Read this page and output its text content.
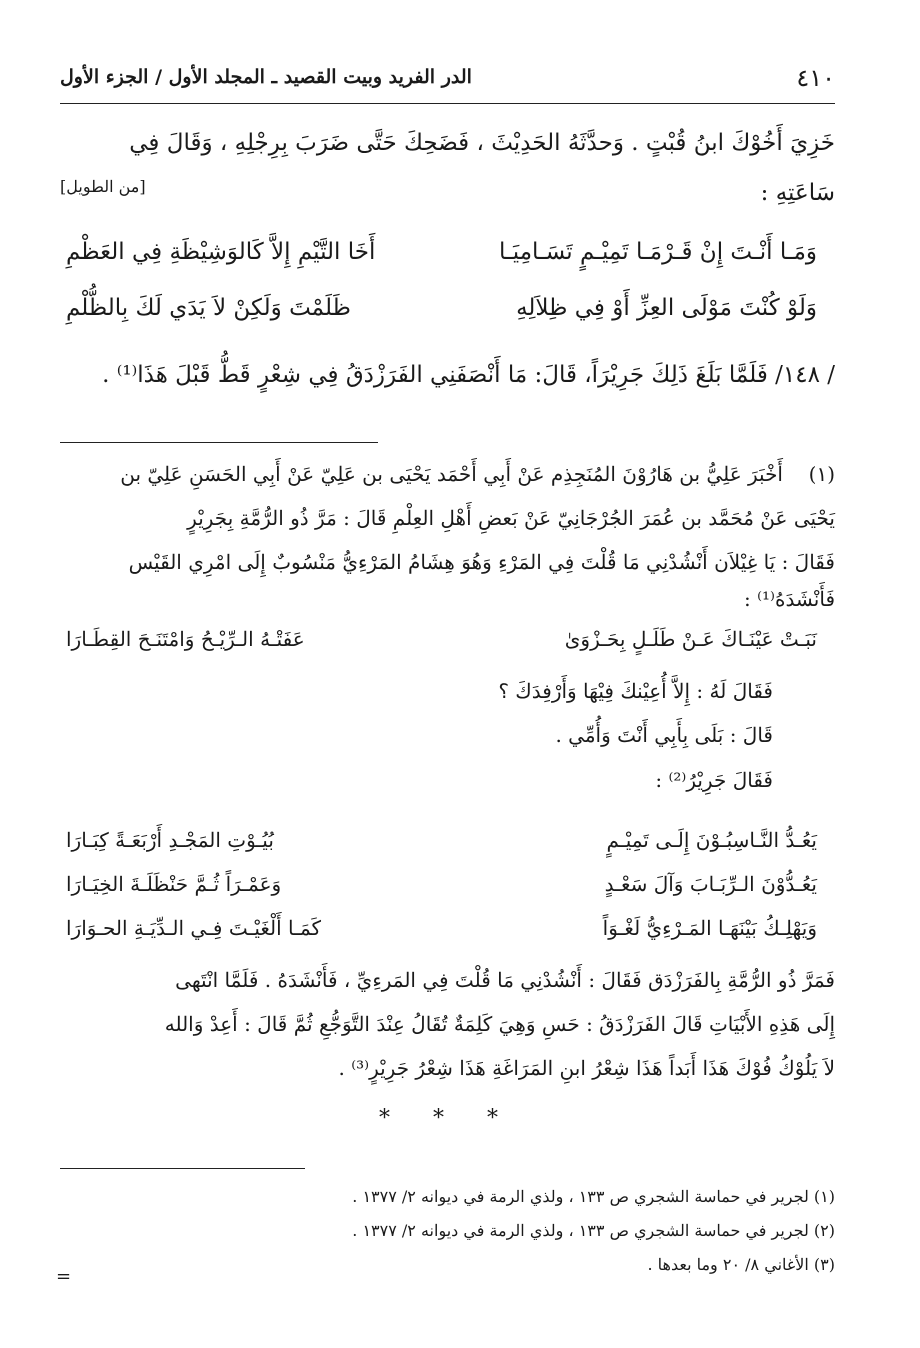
٤١٠
الدر الفريد وبيت القصيد ـ المجلد الأول / الجزء الأول

خَزِيَ أَخُوْكَ ابنُ قُبْتٍ . وَحدَّثَهُ الحَدِيْثَ ، فَضَحِكَ حَتَّى ضَرَبَ بِرِجْلِهِ ، وَقَالَ فِي

سَاعَتِهِ :
[من الطويل]

وَمَـا أَنْـتَ إِنْ قَـرْمَـا تَمِيْـمٍ تَسَـامِيَـا
أَخَا التَّيْمِ إِلاَّ كَالوَشِيْظَةِ فِي العَظْمِ
وَلَوْ كُنْتَ مَوْلَى العِزِّ أَوْ فِي ظِلاَلِهِ
ظَلَمْتَ وَلَكِنْ لاَ يَدَي لَكَ بِالظُّلْمِ

/ ١٤٨/ فَلَمَّا بَلَغَ ذَلِكَ جَرِيْرَاً، قَالَ: مَا أَنْصَفَنِي الفَرَزْدَقُ فِي شِعْرٍ قَطُّ قَبْلَ هَذَا⁽¹⁾ .

(١)
أَخْبَرَ عَلِيُّ بن هَارُوْنَ المُنَجِذِم عَنْ أَبِي أَحْمَد يَحْيَى بن عَلِيّ عَنْ أَبِي الحَسَنِ عَلِيّ بن

يَحْيَى عَنْ مُحَمَّد بن عُمَرَ الجُرْجَانِيّ عَنْ بَعضِ أَهْلِ العِلْمِ قَالَ : مَرَّ ذُو الرُّمَّةِ بِجَرِيْرٍ

فَقَالَ : يَا غِيْلاَن أَنْشُدْنِي مَا قُلْتَ فِي المَرْءِ وَهُوَ هِشَامُ المَرْءِيُّ مَنْسُوبٌ إِلَى امْرِي القَيْس

فَأَنْشَدَهُ⁽¹⁾ :

نَبَـتْ عَيْنَـاكَ عَـنْ طَلَـلٍ بِحَـزْوَىٰ
عَفَتْـهُ الـرِّيْـحُ وَامْتَنَـحَ القِطَـارَا
فَقَالَ لَهُ : إِلاَّ أُعِيْنكَ فِيْهَا وَأَرْفِدَكَ ؟
قَالَ : بَلَى بِأَبِي أَنْتَ وَأُمِّي .
فَقَالَ جَرِيْرُ⁽²⁾ :
يَعُـدُّ النَّـاسِبُـوْنَ إِلَـى تَمِيْـمٍ
بُيُـوْتِ المَجْـدِ أَرْبَعَـةً كِبَـارَا
يَعُـدُّوْنَ الـرِّبَـابَ وَآلَ سَعْـدٍ
وَعَمْـرَاً ثُـمَّ حَنْظَلَـةَ الخِيَـارَا
وَيَهْلِـكُ بَيْنَهَـا المَـرْءِيُّ لَغْـوَاً
كَمَـا أَلْغَيْـتَ فِـي الـدِّيَـةِ الحـوَارَا

فَمَرَّ ذُو الرُّمَّةِ بِالفَرَزْدَق فَقَالَ : أَنْشُدْنِي مَا قُلْتَ فِي المَرءِيِّ ، فَأَنْشَدَهُ . فَلَمَّا انْتَهى

إِلَى هَذِهِ الأَبْيَاتِ قَالَ الفَرَزْدَقُ : حَسِ وَهِيَ كَلِمَةٌ تُقَالُ عِنْدَ التَّوَجُّعِ ثُمَّ قَالَ : أَعِدْ وَالله

لاَ يَلُوْكُ فُوْكَ هَذَا أَبَداً هَذَا شِعْرُ ابنِ المَرَاغَةِ هَذَا شِعْرُ جَرِيْرٍ⁽³⁾ .

* * *
(١) لجرير في حماسة الشجري ص ١٣٣ ، ولذي الرمة في ديوانه ٢/ ١٣٧٧ .
(٢) لجرير في حماسة الشجري ص ١٣٣ ، ولذي الرمة في ديوانه ٢/ ١٣٧٧ .
(٣) الأغاني ٨/ ٢٠ وما بعدها .
=
